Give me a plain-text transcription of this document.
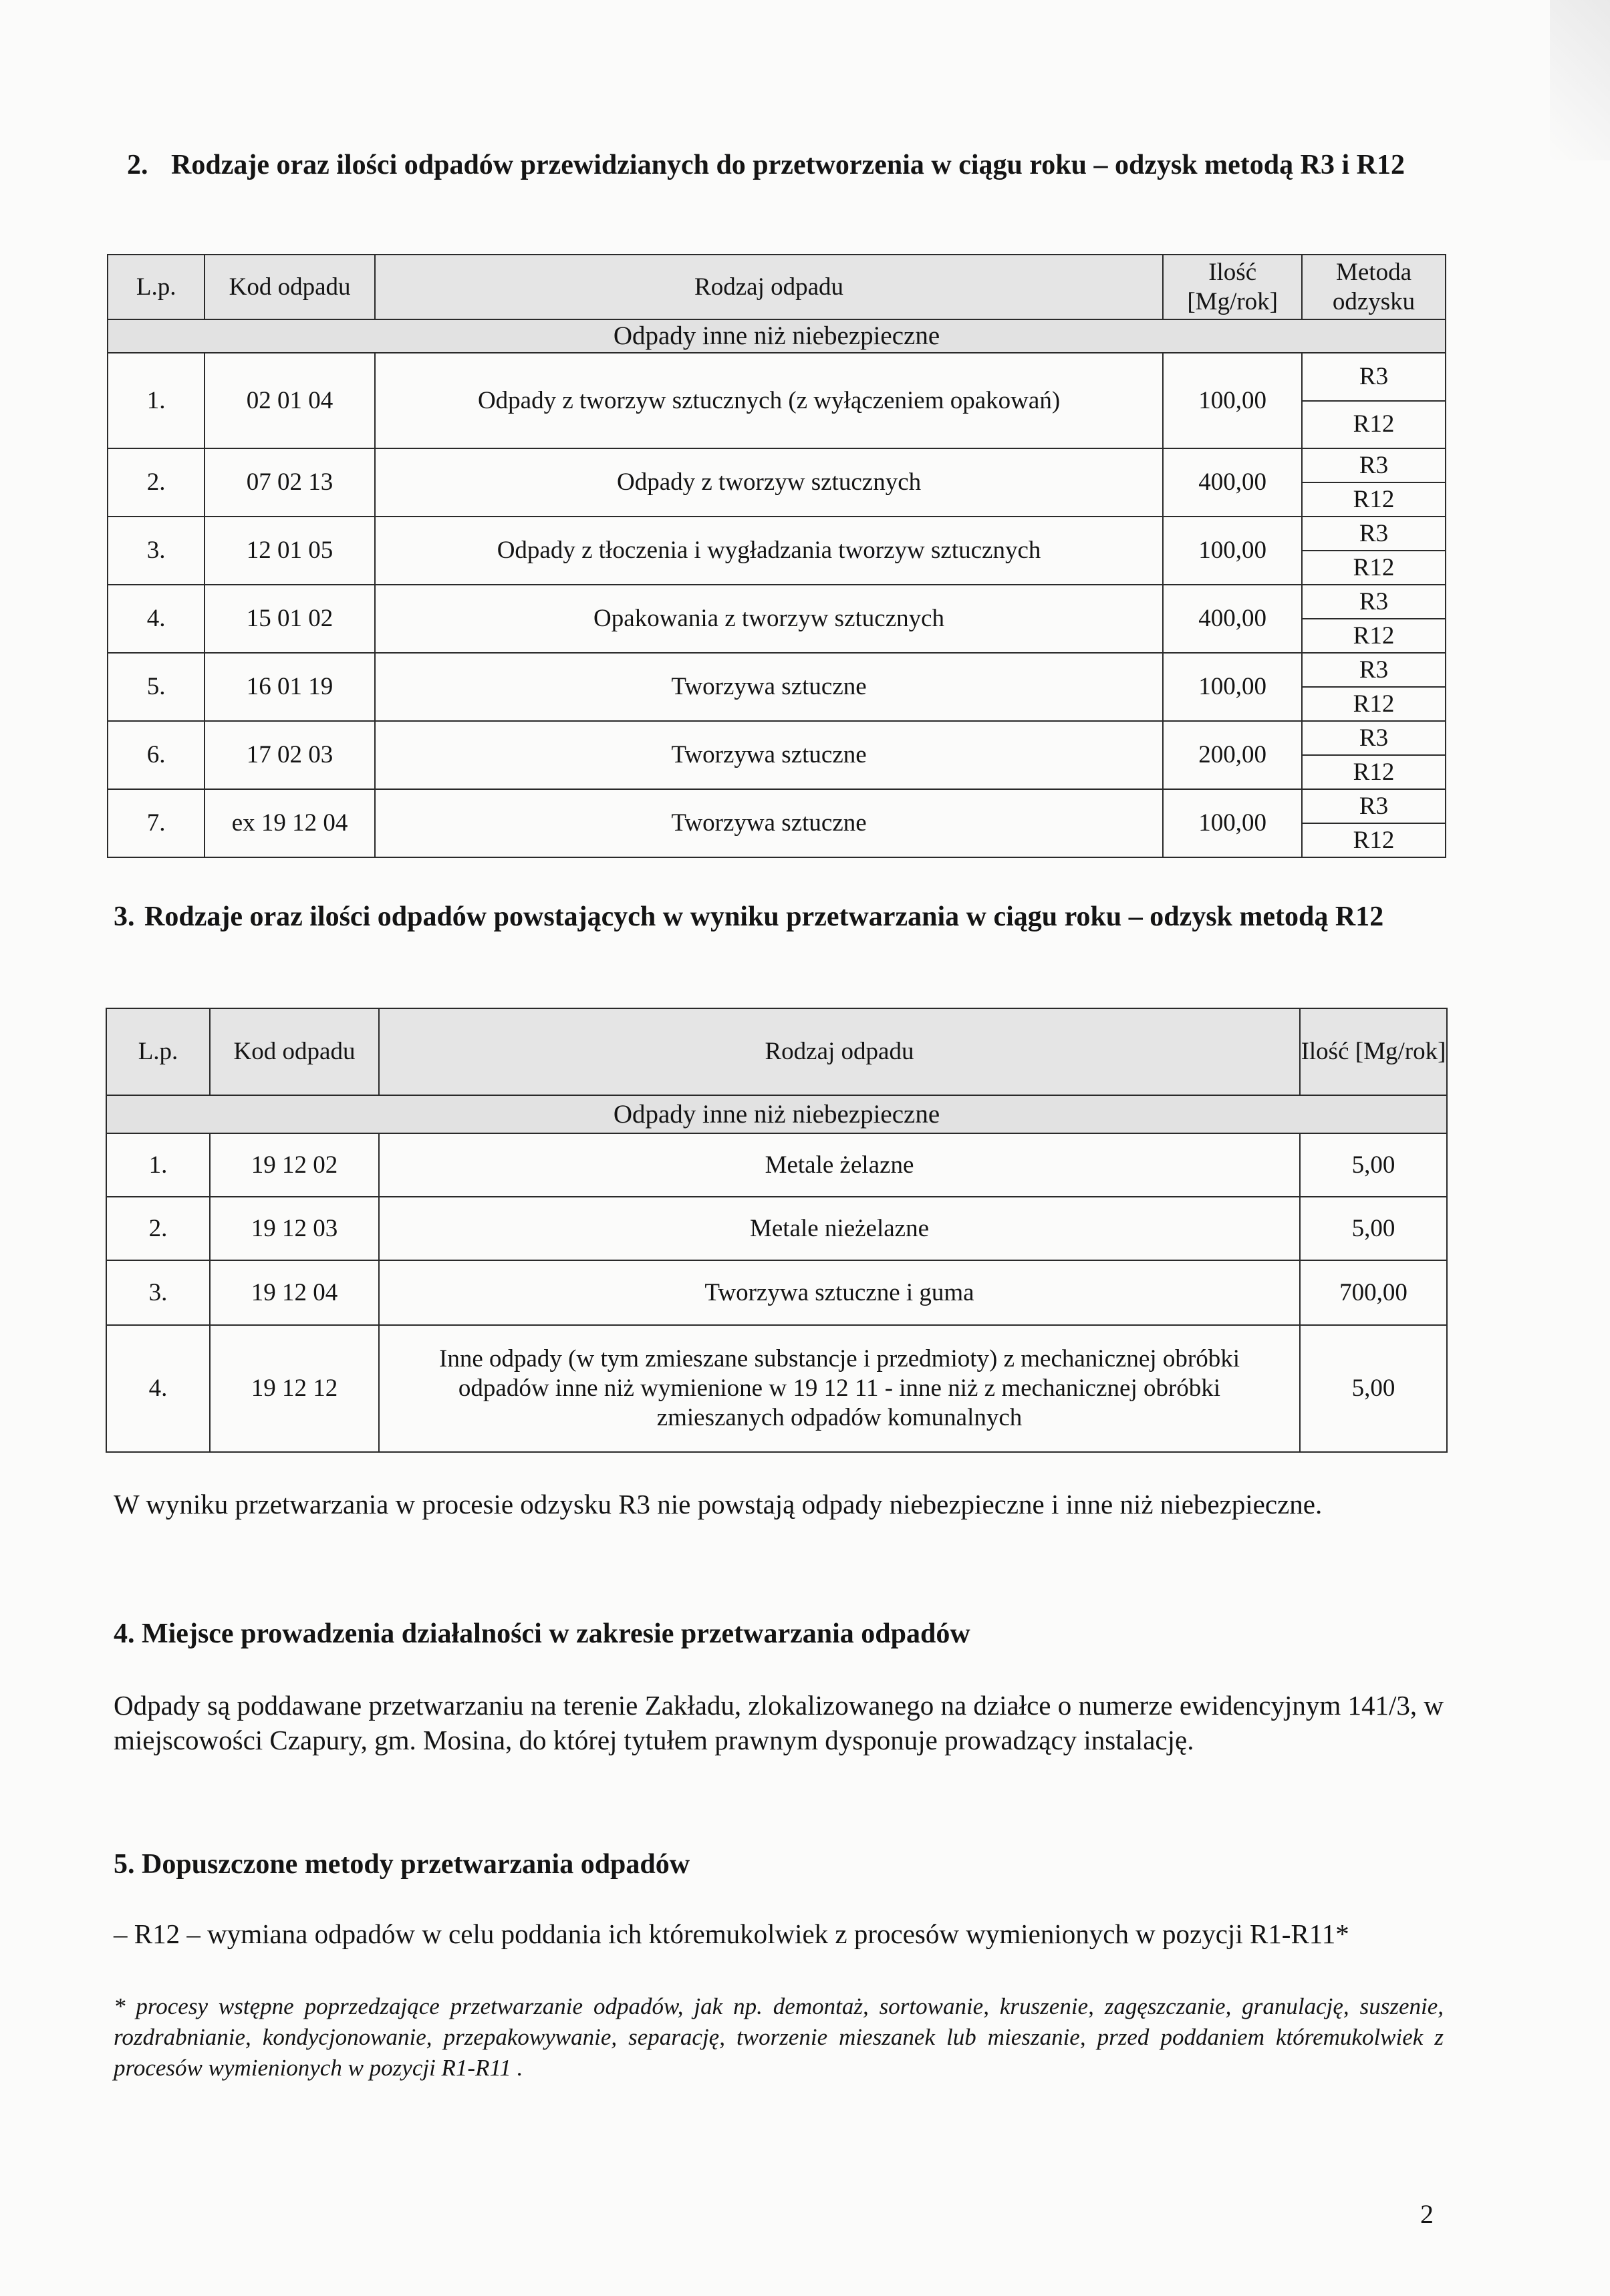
2. Rodzaje oraz ilości odpadów przewidzianych do przetworzenia w ciągu roku – odzysk metodą R3 i R12
L.p.	Kod odpadu	Rodzaj odpadu	Ilość [Mg/rok]	Metoda odzysku
Odpady inne niż niebezpieczne				
1.	02 01 04	Odpady z tworzyw sztucznych (z wyłączeniem opakowań)	100,00	R3
R12

2.	07 02 13	Odpady z tworzyw sztucznych	400,00	R3
R12

3.	12 01 05	Odpady z tłoczenia i wygładzania tworzyw sztucznych	100,00	R3
R12

4.	15 01 02	Opakowania z tworzyw sztucznych	400,00	R3
R12

5.	16 01 19	Tworzywa sztuczne	100,00	R3
R12

6.	17 02 03	Tworzywa sztuczne	200,00	R3
R12

7.	ex 19 12 04	Tworzywa sztuczne	100,00	R3
R12
3. Rodzaje oraz ilości odpadów powstających w wyniku przetwarzania w ciągu roku – odzysk metodą R12
L.p.	Kod odpadu	Rodzaj odpadu	Ilość [Mg/rok]
Odpady inne niż niebezpieczne			
1.	19 12 02	Metale żelazne	5,00
2.	19 12 03	Metale nieżelazne	5,00
3.	19 12 04	Tworzywa sztuczne i guma	700,00
4.	19 12 12	Inne odpady (w tym zmieszane substancje i przedmioty) z mechanicznej obróbki odpadów inne niż wymienione w 19 12 11 - inne niż z mechanicznej obróbki zmieszanych odpadów komunalnych	5,00
W wyniku przetwarzania w procesie odzysku R3 nie powstają odpady niebezpieczne i inne niż niebezpieczne.
4. Miejsce prowadzenia działalności w zakresie przetwarzania odpadów
Odpady są poddawane przetwarzaniu na terenie Zakładu, zlokalizowanego na działce o numerze ewidencyjnym 141/3, w miejscowości Czapury, gm. Mosina, do której tytułem prawnym dysponuje prowadzący instalację.
5. Dopuszczone metody przetwarzania odpadów
– R12 – wymiana odpadów w celu poddania ich któremukolwiek z procesów wymienionych w pozycji R1-R11*
* procesy wstępne poprzedzające przetwarzanie odpadów, jak np. demontaż, sortowanie, kruszenie, zagęszczanie, granulację, suszenie, rozdrabnianie, kondycjonowanie, przepakowywanie, separację, tworzenie mieszanek lub mieszanie, przed poddaniem któremukolwiek z procesów wymienionych w pozycji R1-R11 .
2
